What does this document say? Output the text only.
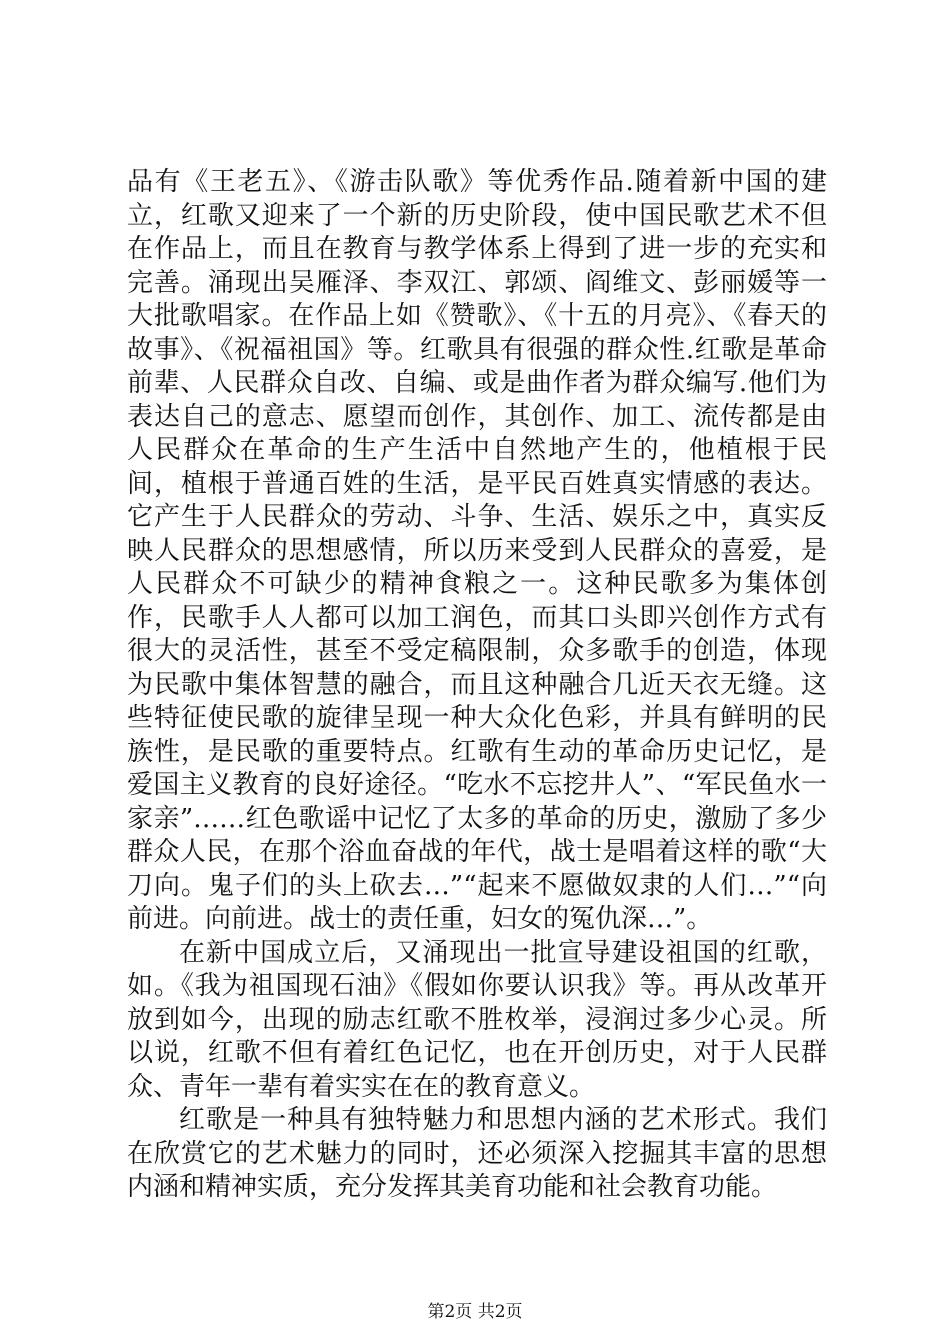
品有《王老五》、《游击队歌》等优秀作品.随着新中国的建立，红歌又迎来了一个新的历史阶段，使中国民歌艺术不但在作品上，而且在教育与教学体系上得到了进一步的充实和完善。涌现出吴雁泽、李双江、郭颂、阎维文、彭丽媛等一大批歌唱家。在作品上如《赞歌》、《十五的月亮》、《春天的故事》、《祝福祖国》等。红歌具有很强的群众性.红歌是革命前辈、人民群众自改、自编、或是曲作者为群众编写.他们为表达自己的意志、愿望而创作，其创作、加工、流传都是由人民群众在革命的生产生活中自然地产生的，他植根于民间，植根于普通百姓的生活，是平民百姓真实情感的表达。它产生于人民群众的劳动、斗争、生活、娱乐之中，真实反映人民群众的思想感情，所以历来受到人民群众的喜爱，是人民群众不可缺少的精神食粮之一。这种民歌多为集体创作，民歌手人人都可以加工润色，而其口头即兴创作方式有很大的灵活性，甚至不受定稿限制，众多歌手的创造，体现为民歌中集体智慧的融合，而且这种融合几近天衣无缝。这些特征使民歌的旋律呈现一种大众化色彩，并具有鲜明的民族性，是民歌的重要特点。红歌有生动的革命历史记忆，是爱国主义教育的良好途径。“吃水不忘挖井人”、“军民鱼水一家亲”……红色歌谣中记忆了太多的革命的历史，激励了多少群众人民，在那个浴血奋战的年代，战士是唱着这样的歌“大刀向。鬼子们的头上砍去…”“起来不愿做奴隶的人们…”“向前进。向前进。战士的责任重，妇女的冤仇深…”。

在新中国成立后，又涌现出一批宣导建设祖国的红歌，如。《我为祖国现石油》《假如你要认识我》等。再从改革开放到如今，出现的励志红歌不胜枚举，浸润过多少心灵。所以说，红歌不但有着红色记忆，也在开创历史，对于人民群众、青年一辈有着实实在在的教育意义。

红歌是一种具有独特魅力和思想内涵的艺术形式。我们在欣赏它的艺术魅力的同时，还必须深入挖掘其丰富的思想内涵和精神实质，充分发挥其美育功能和社会教育功能。

第2页 共2页
